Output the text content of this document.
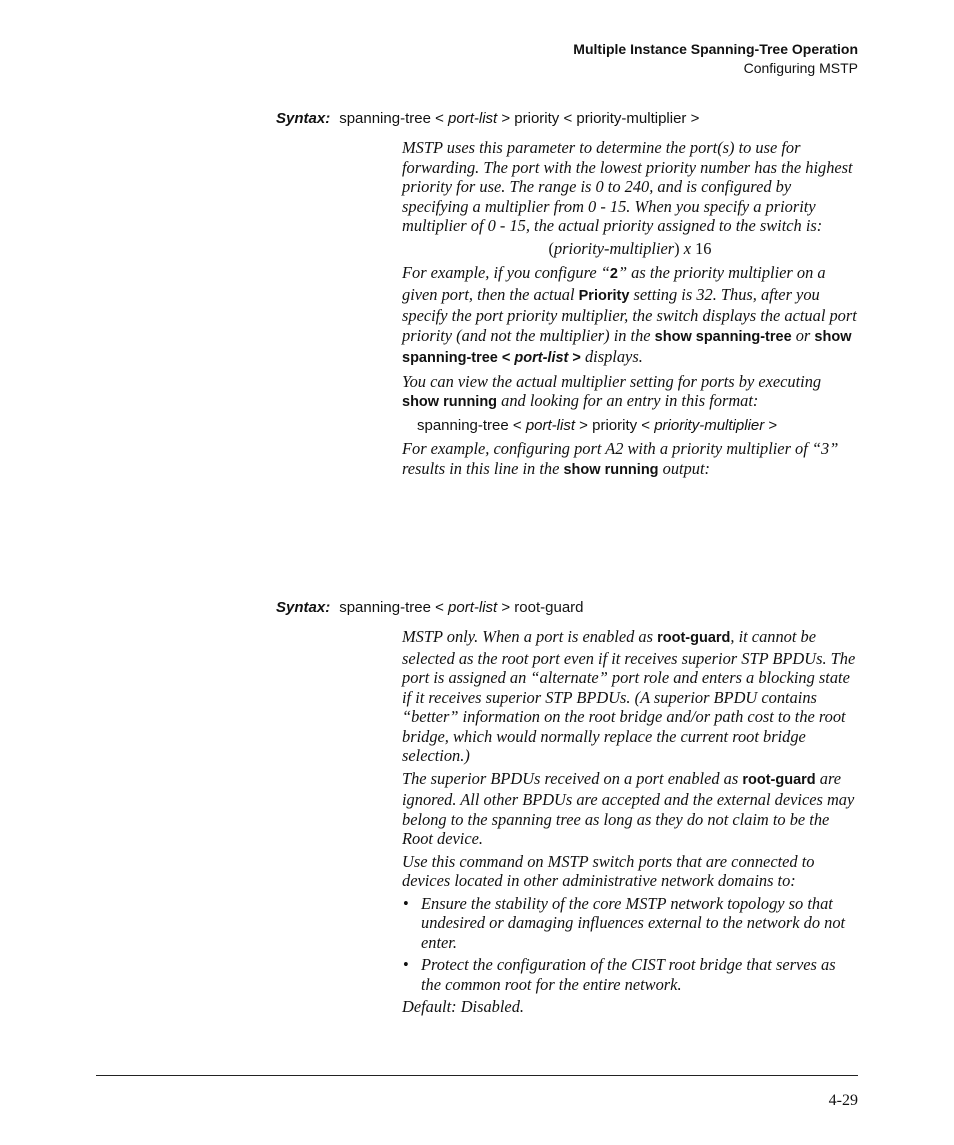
Multiple Instance Spanning-Tree Operation
Configuring MSTP
Syntax: spanning-tree < port-list > priority < priority-multiplier >

MSTP uses this parameter to determine the port(s) to use for forwarding. The port with the lowest priority number has the highest priority for use. The range is 0 to 240, and is configured by specifying a multiplier from 0 - 15. When you specify a priority multiplier of 0 - 15, the actual priority assigned to the switch is:

(priority-multiplier) x 16

For example, if you configure “2” as the priority multiplier on a given port, then the actual Priority setting is 32. Thus, after you specify the port priority multiplier, the switch displays the actual port priority (and not the multiplier) in the show spanning-tree or show spanning-tree < port-list > displays.

You can view the actual multiplier setting for ports by executing show running and looking for an entry in this format:

spanning-tree < port-list > priority < priority-multiplier >

For example, configuring port A2 with a priority multiplier of “3” results in this line in the show running output:

Syntax: spanning-tree < port-list > root-guard

MSTP only. When a port is enabled as root-guard, it cannot be selected as the root port even if it receives superior STP BPDUs. The port is assigned an “alternate” port role and enters a blocking state if it receives superior STP BPDUs. (A superior BPDU contains “better” information on the root bridge and/or path cost to the root bridge, which would normally replace the current root bridge selection.)

The superior BPDUs received on a port enabled as root-guard are ignored. All other BPDUs are accepted and the external devices may belong to the spanning tree as long as they do not claim to be the Root device.

Use this command on MSTP switch ports that are connected to devices located in other administrative network domains to:

• Ensure the stability of the core MSTP network topology so that undesired or damaging influences external to the network do not enter.
• Protect the configuration of the CIST root bridge that serves as the common root for the entire network.

Default: Disabled.

4-29
